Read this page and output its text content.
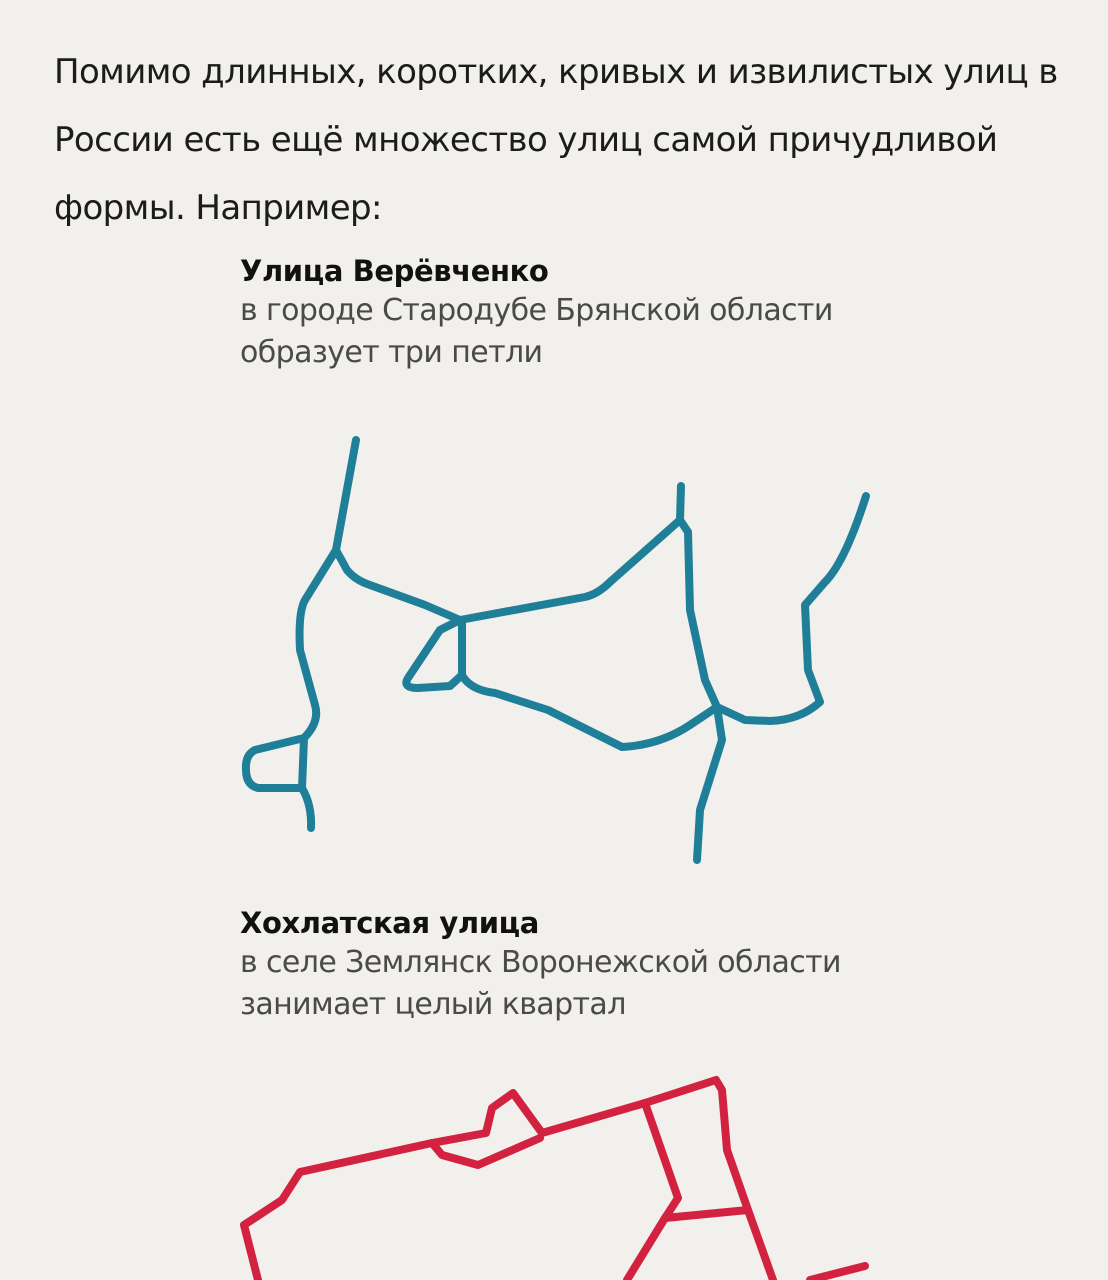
Помимо длинных, коротких, кривых и извилистых улиц в России есть ещё множество улиц самой причудливой формы. Например:

Улица Верёвченко

в городе Стародубе Брянской области

образует три петли

Хохлатская улица

в селе Землянск Воронежской области

занимает целый квартал
